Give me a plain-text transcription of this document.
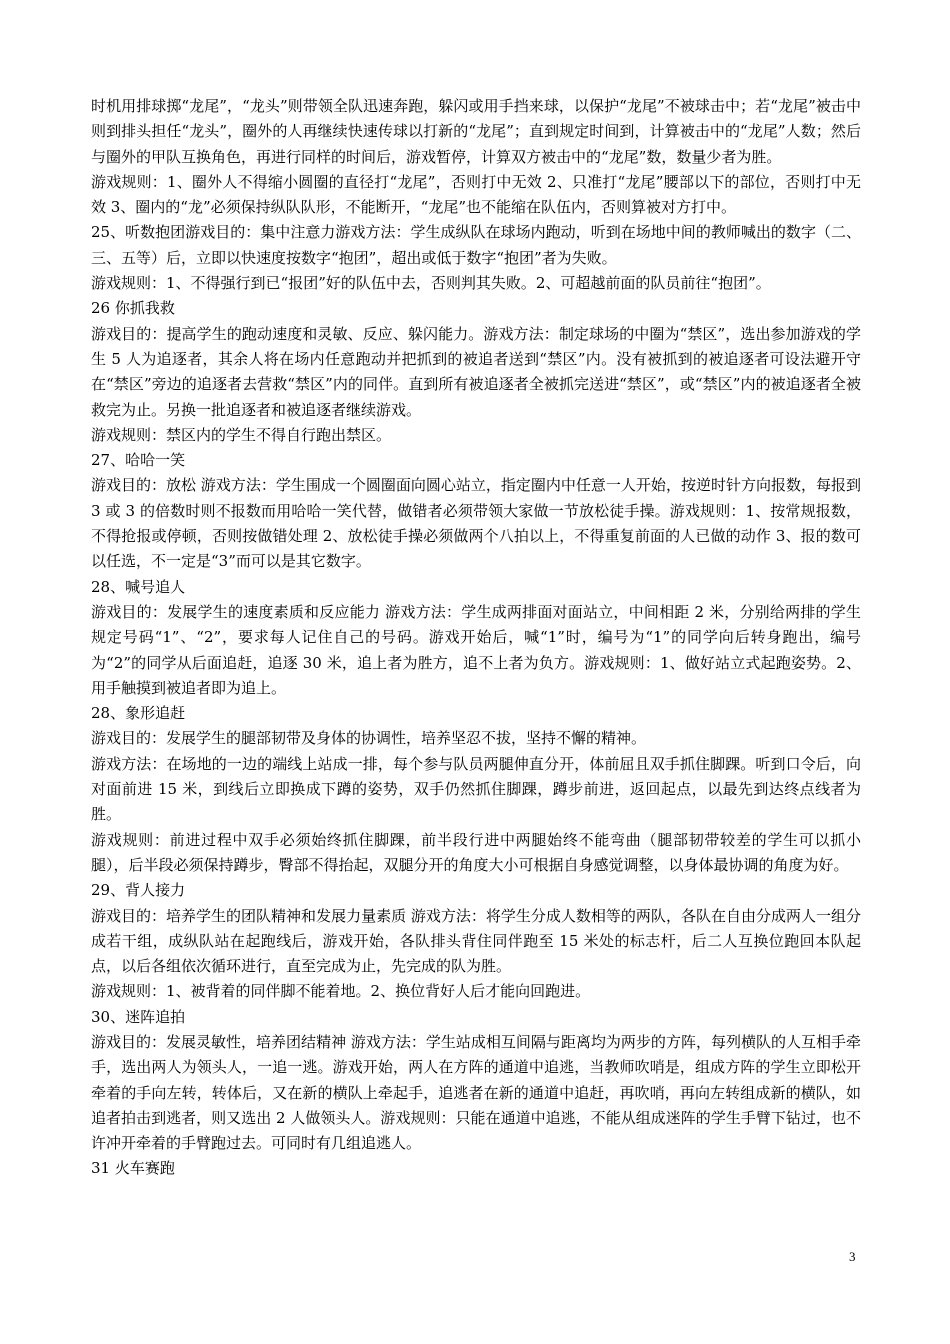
时机用排球掷“龙尾”，“龙头”则带领全队迅速奔跑，躲闪或用手挡来球，以保护“龙尾”不被球击中；若“龙尾”被击中则到排头担任“龙头”，圈外的人再继续快速传球以打新的“龙尾”；直到规定时间到，计算被击中的“龙尾”人数；然后与圈外的甲队互换角色，再进行同样的时间后，游戏暂停，计算双方被击中的“龙尾”数，数量少者为胜。

游戏规则：1、圈外人不得缩小圆圈的直径打“龙尾”，否则打中无效 2、只准打“龙尾”腰部以下的部位，否则打中无效 3、圈内的“龙”必须保持纵队队形，不能断开，“龙尾”也不能缩在队伍内，否则算被对方打中。

25、听数抱团游戏目的：集中注意力游戏方法：学生成纵队在球场内跑动，听到在场地中间的教师喊出的数字（二、三、五等）后，立即以快速度按数字“抱团”，超出或低于数字“抱团”者为失败。

游戏规则：1、不得强行到已“报团”好的队伍中去，否则判其失败。2、可超越前面的队员前往“抱团”。

26 你抓我救

游戏目的：提高学生的跑动速度和灵敏、反应、躲闪能力。游戏方法：制定球场的中圈为“禁区”，选出参加游戏的学生 5 人为追逐者，其余人将在场内任意跑动并把抓到的被追者送到“禁区”内。没有被抓到的被追逐者可设法避开守在“禁区”旁边的追逐者去营救“禁区”内的同伴。直到所有被追逐者全被抓完送进“禁区”，或“禁区”内的被追逐者全被救完为止。另换一批追逐者和被追逐者继续游戏。

游戏规则：禁区内的学生不得自行跑出禁区。

27、哈哈一笑

游戏目的：放松 游戏方法：学生围成一个圆圈面向圆心站立，指定圈内中任意一人开始，按逆时针方向报数，每报到 3 或 3 的倍数时则不报数而用哈哈一笑代替，做错者必须带领大家做一节放松徒手操。游戏规则：1、按常规报数，不得抢报或停顿，否则按做错处理 2、放松徒手操必须做两个八拍以上，不得重复前面的人已做的动作 3、报的数可以任选，不一定是“3”而可以是其它数字。

28、喊号追人

游戏目的：发展学生的速度素质和反应能力 游戏方法：学生成两排面对面站立，中间相距 2 米，分别给两排的学生规定号码“1”、“2”，要求每人记住自己的号码。游戏开始后，喊“1”时，编号为“1”的同学向后转身跑出，编号为“2”的同学从后面追赶，追逐 30 米，追上者为胜方，追不上者为负方。游戏规则：1、做好站立式起跑姿势。2、用手触摸到被追者即为追上。

28、象形追赶

游戏目的：发展学生的腿部韧带及身体的协调性，培养坚忍不拔，坚持不懈的精神。

游戏方法：在场地的一边的端线上站成一排，每个参与队员两腿伸直分开，体前屈且双手抓住脚踝。听到口令后，向对面前进 15 米，到线后立即换成下蹲的姿势，双手仍然抓住脚踝，蹲步前进，返回起点，以最先到达终点线者为胜。

游戏规则：前进过程中双手必须始终抓住脚踝，前半段行进中两腿始终不能弯曲（腿部韧带较差的学生可以抓小腿），后半段必须保持蹲步，臀部不得抬起，双腿分开的角度大小可根据自身感觉调整，以身体最协调的角度为好。

29、背人接力

游戏目的：培养学生的团队精神和发展力量素质 游戏方法：将学生分成人数相等的两队，各队在自由分成两人一组分成若干组，成纵队站在起跑线后，游戏开始，各队排头背住同伴跑至 15 米处的标志杆，后二人互换位跑回本队起点，以后各组依次循环进行，直至完成为止，先完成的队为胜。

游戏规则：1、被背着的同伴脚不能着地。2、换位背好人后才能向回跑进。

30、迷阵追拍

游戏目的：发展灵敏性，培养团结精神 游戏方法：学生站成相互间隔与距离均为两步的方阵，每列横队的人互相手牵手，选出两人为领头人，一追一逃。游戏开始，两人在方阵的通道中追逃，当教师吹哨是，组成方阵的学生立即松开牵着的手向左转，转体后，又在新的横队上牵起手，追逃者在新的通道中追赶，再吹哨，再向左转组成新的横队，如追者拍击到逃者，则又选出 2 人做领头人。游戏规则：只能在通道中追逃，不能从组成迷阵的学生手臂下钻过，也不许冲开牵着的手臂跑过去。可同时有几组追逃人。

31 火车赛跑

3
